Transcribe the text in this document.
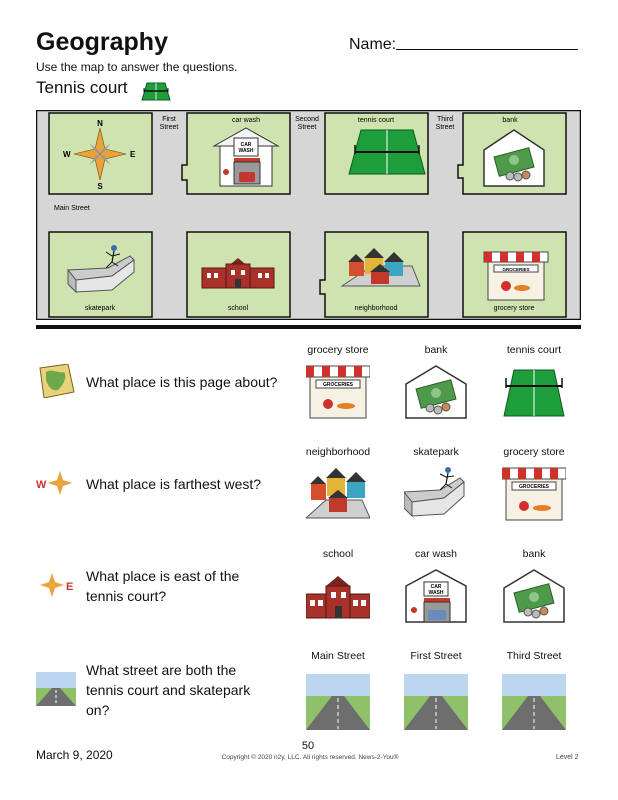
Geography	Name:
Use the map to answer the questions.
Tennis court
First Street
Second Street
Third Street
Main Street
car wash	tennis court	bank
skatepark	school	neighborhood	grocery store
N
S
E
W
CAR
WASH
GROCERIES
What place is this page about?
grocery store	bank	tennis court
GROCERIES
W	What place is farthest west?
neighborhood	skatepark	grocery store
GROCERIES
E
What place is east of the
tennis court?
school	car wash	bank
CAR
WASH
What street are both the
tennis court and skatepark
on?
Main Street	First Street	Third Street
March 9, 2020
50
Copyright © 2020 n2y, LLC. All rights reserved. News-2-You®	Level 2
